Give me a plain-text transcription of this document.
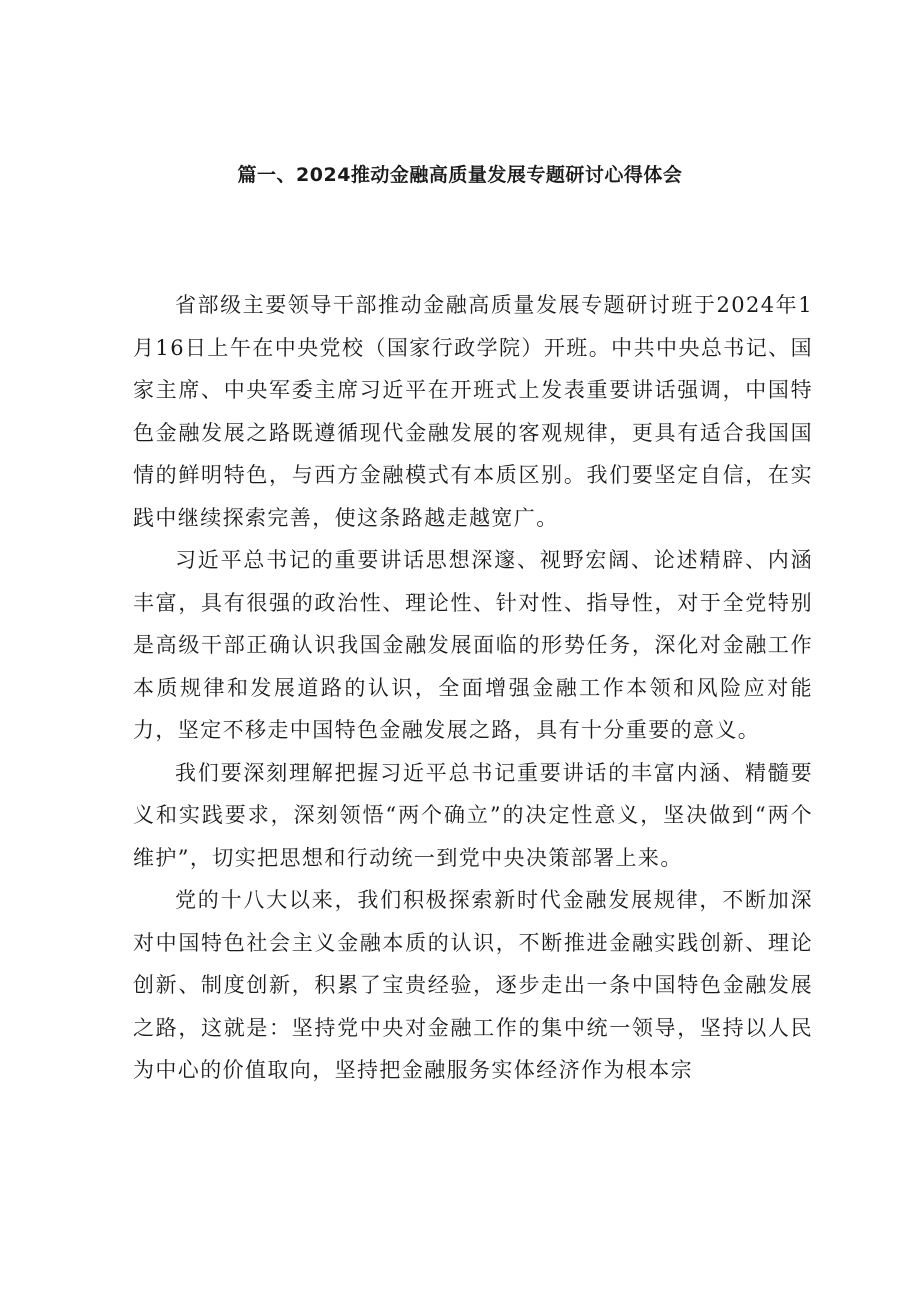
篇一、2024推动金融高质量发展专题研讨心得体会

省部级主要领导干部推动金融高质量发展专题研讨班于2024年1月16日上午在中央党校（国家行政学院）开班。中共中央总书记、国家主席、中央军委主席习近平在开班式上发表重要讲话强调，中国特色金融发展之路既遵循现代金融发展的客观规律，更具有适合我国国情的鲜明特色，与西方金融模式有本质区别。我们要坚定自信，在实践中继续探索完善，使这条路越走越宽广。

习近平总书记的重要讲话思想深邃、视野宏阔、论述精辟、内涵丰富，具有很强的政治性、理论性、针对性、指导性，对于全党特别是高级干部正确认识我国金融发展面临的形势任务，深化对金融工作本质规律和发展道路的认识，全面增强金融工作本领和风险应对能力，坚定不移走中国特色金融发展之路，具有十分重要的意义。

我们要深刻理解把握习近平总书记重要讲话的丰富内涵、精髓要义和实践要求，深刻领悟“两个确立”的决定性意义，坚决做到“两个维护”，切实把思想和行动统一到党中央决策部署上来。

党的十八大以来，我们积极探索新时代金融发展规律，不断加深对中国特色社会主义金融本质的认识，不断推进金融实践创新、理论创新、制度创新，积累了宝贵经验，逐步走出一条中国特色金融发展之路，这就是：坚持党中央对金融工作的集中统一领导，坚持以人民为中心的价值取向，坚持把金融服务实体经济作为根本宗
